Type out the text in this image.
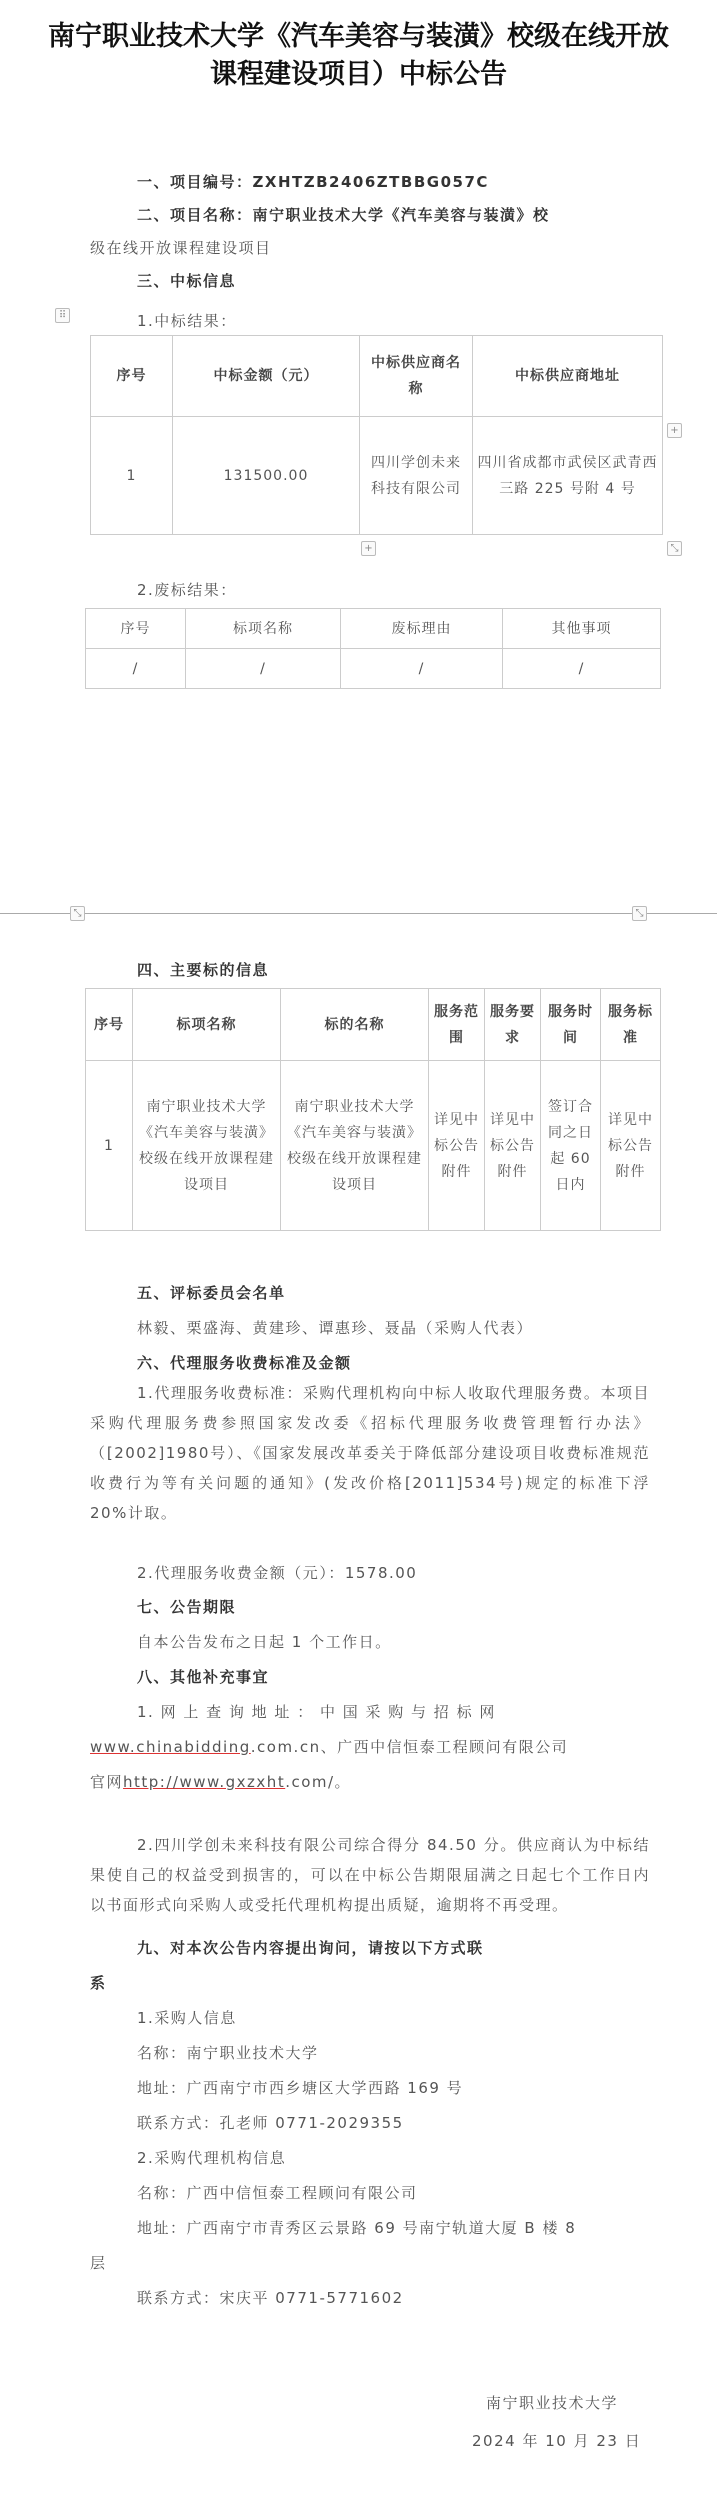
南宁职业技术大学《汽车美容与装潢》校级在线开放课程建设项目）中标公告
一、项目编号：ZXHTZB2406ZTBBG057C
二、项目名称：南宁职业技术大学《汽车美容与装潢》校
级在线开放课程建设项目
三、中标信息
⠿	1.中标结果：
序号	中标金额（元）	中标供应商名称	中标供应商地址
1	131500.00	四川学创未来科技有限公司	四川省成都市武侯区武青西三路 225 号附 4 号
+
+	⤡
2.废标结果：
序号	标项名称	废标理由	其他事项
/	/	/	/
⤡	⤡
四、主要标的信息
序号	标项名称	标的名称	服务范围	服务要求	服务时间	服务标准
1	南宁职业技术大学《汽车美容与装潢》校级在线开放课程建设项目	南宁职业技术大学《汽车美容与装潢》校级在线开放课程建设项目	详见中标公告附件	详见中标公告附件	签订合同之日起 60 日内	详见中标公告附件
五、评标委员会名单
林毅、栗盛海、黄建珍、谭惠珍、聂晶（采购人代表）
六、代理服务收费标准及金额
1.代理服务收费标准：采购代理机构向中标人收取代理服务费。本项目采购代理服务费参照国家发改委《招标代理服务收费管理暂行办法》（[2002]1980号）、《国家发展改革委关于降低部分建设项目收费标准规范收费行为等有关问题的通知》(发改价格[2011]534号)规定的标准下浮 20%计取。
2.代理服务收费金额（元）：1578.00
七、公告期限
自本公告发布之日起 1 个工作日。
八、其他补充事宜
1. 网 上 查 询 地 址 ： 中 国 采 购 与 招 标 网
www.chinabidding.com.cn、广西中信恒泰工程顾问有限公司
官网http://www.gxzxht.com/。
2.四川学创未来科技有限公司综合得分 84.50 分。供应商认为中标结果使自己的权益受到损害的，可以在中标公告期限届满之日起七个工作日内以书面形式向采购人或受托代理机构提出质疑，逾期将不再受理。
九、对本次公告内容提出询问，请按以下方式联
系
1.采购人信息
名称：南宁职业技术大学
地址：广西南宁市西乡塘区大学西路 169 号
联系方式：孔老师 0771-2029355
2.采购代理机构信息
名称：广西中信恒泰工程顾问有限公司
地址：广西南宁市青秀区云景路 69 号南宁轨道大厦 B 楼 8
层
联系方式：宋庆平 0771-5771602
南宁职业技术大学
2024 年 10 月 23 日
